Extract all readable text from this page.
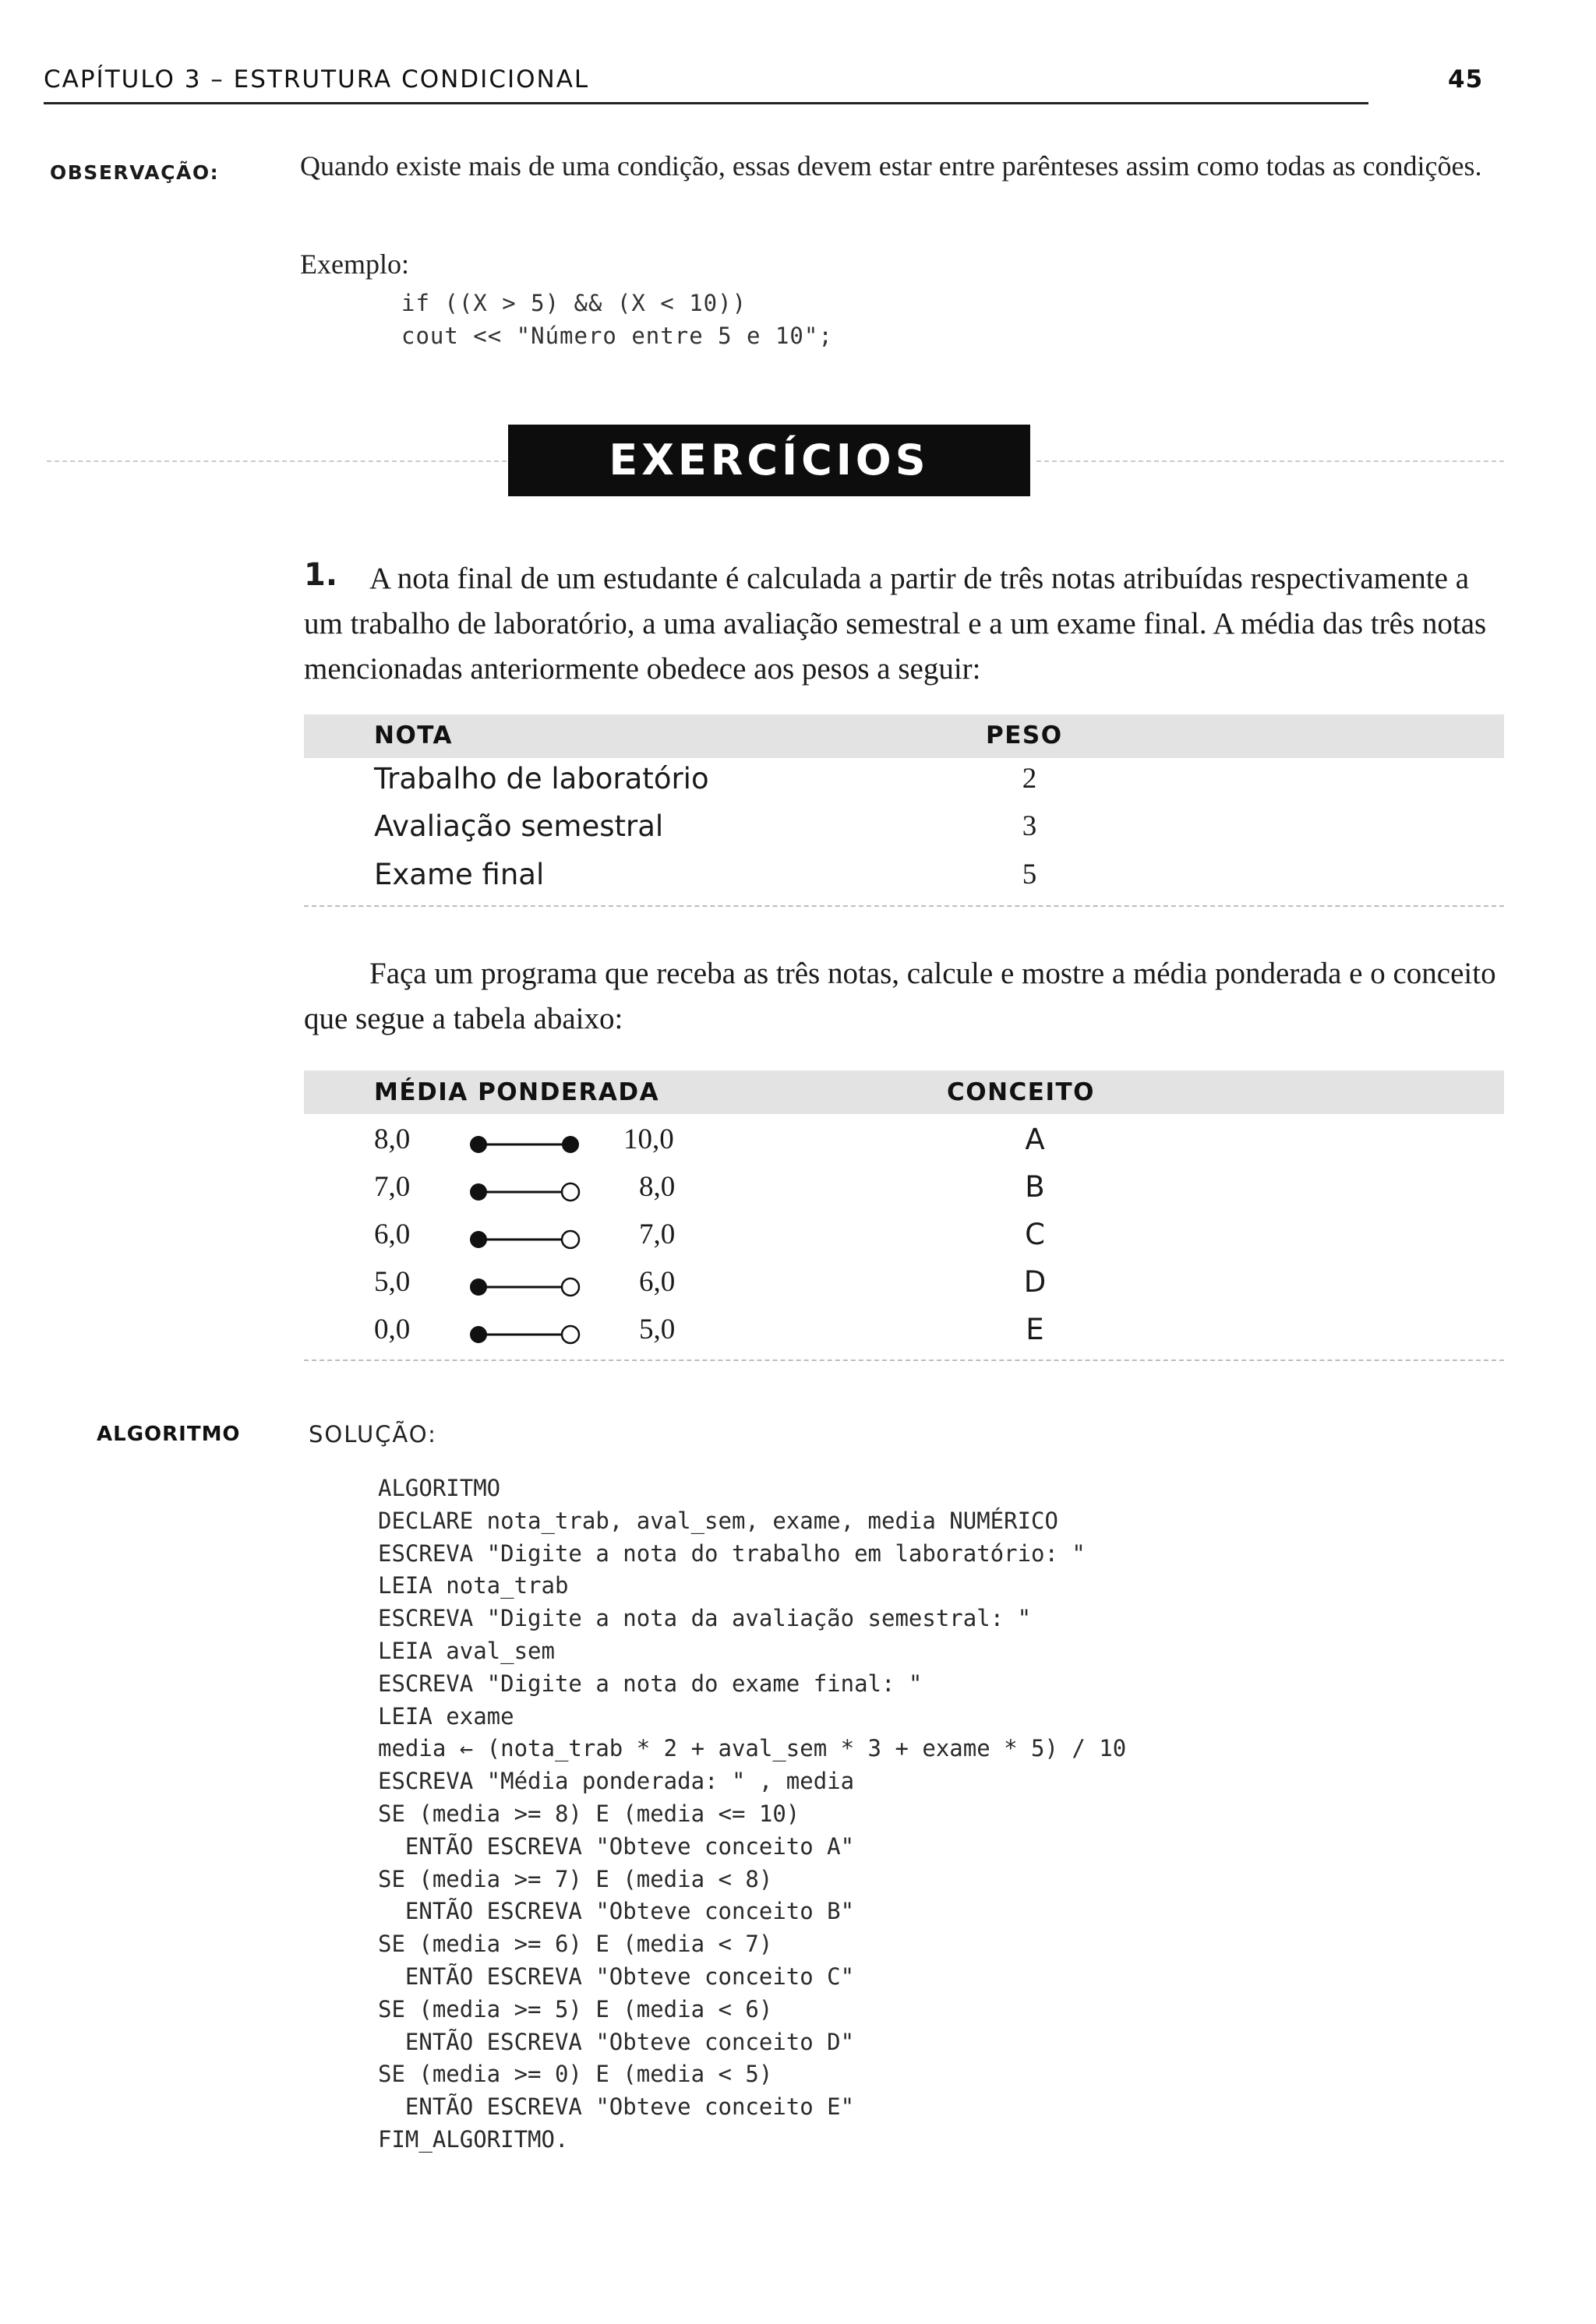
CAPÍTULO 3 – ESTRUTURA CONDICIONAL	45
OBSERVAÇÃO:	Quando existe mais de uma condição, essas devem estar entre parênteses assim como todas as condições.
Exemplo:
if ((X > 5) && (X < 10))
cout << "Número entre 5 e 10";
EXERCÍCIOS RESOLVIDOS
1.	A nota final de um estudante é calculada a partir de três notas atribuídas respectivamente a um trabalho de laboratório, a uma avaliação semestral e a um exame final. A média das três notas mencionadas anteriormente obedece aos pesos a seguir:
NOTA	PESO
Trabalho de laboratório	2
Avaliação semestral	3
Exame final	5
Faça um programa que receba as três notas, calcule e mostre a média ponderada e o conceito que segue a tabela abaixo:
MÉDIA PONDERADA	CONCEITO
8,0	10,0	A
7,0	8,0	B
6,0	7,0	C
5,0	6,0	D
0,0	5,0	E
ALGORITMO	SOLUÇÃO:
ALGORITMO
DECLARE nota_trab, aval_sem, exame, media NUMÉRICO
ESCREVA "Digite a nota do trabalho em laboratório: "
LEIA nota_trab
ESCREVA "Digite a nota da avaliação semestral: "
LEIA aval_sem
ESCREVA "Digite a nota do exame final: "
LEIA exame
media ← (nota_trab * 2 + aval_sem * 3 + exame * 5) / 10
ESCREVA "Média ponderada: " , media
SE (media >= 8) E (media <= 10)
ENTÃO ESCREVA "Obteve conceito A"
SE (media >= 7) E (media < 8)
ENTÃO ESCREVA "Obteve conceito B"
SE (media >= 6) E (media < 7)
ENTÃO ESCREVA "Obteve conceito C"
SE (media >= 5) E (media < 6)
ENTÃO ESCREVA "Obteve conceito D"
SE (media >= 0) E (media < 5)
ENTÃO ESCREVA "Obteve conceito E"
FIM_ALGORITMO.
